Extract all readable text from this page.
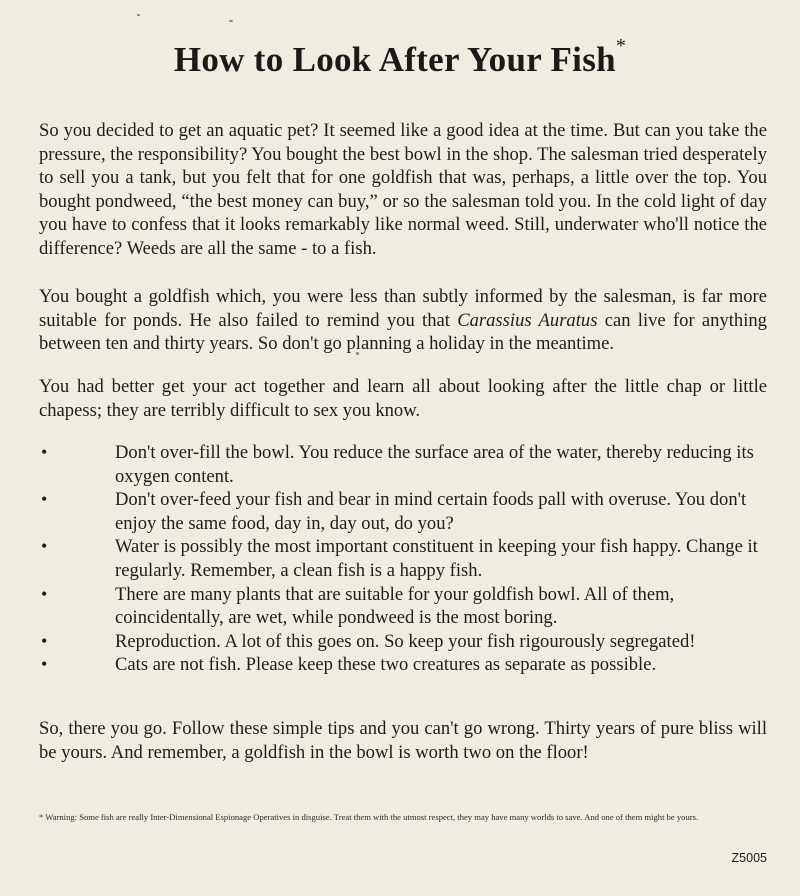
How to Look After Your Fish*

So you decided to get an aquatic pet? It seemed like a good idea at the time. But can you take the pressure, the responsibility? You bought the best bowl in the shop. The salesman tried desperately to sell you a tank, but you felt that for one goldfish that was, perhaps, a little over the top. You bought pondweed, “the best money can buy,” or so the salesman told you. In the cold light of day you have to confess that it looks remarkably like normal weed. Still, underwater who'll notice the difference? Weeds are all the same - to a fish.

You bought a goldfish which, you were less than subtly informed by the salesman, is far more suitable for ponds. He also failed to remind you that Carassius Auratus can live for anything between ten and thirty years. So don't go planning a holiday in the meantime.

You had better get your act together and learn all about looking after the little chap or little chapess; they are terribly difficult to sex you know.

•	Don't over-fill the bowl. You reduce the surface area of the water, thereby reducing its oxygen content.
•	Don't over-feed your fish and bear in mind certain foods pall with overuse. You don't enjoy the same food, day in, day out, do you?
•	Water is possibly the most important constituent in keeping your fish happy. Change it regularly. Remember, a clean fish is a happy fish.
•	There are many plants that are suitable for your goldfish bowl. All of them, coincidentally, are wet, while pondweed is the most boring.
•	Reproduction. A lot of this goes on. So keep your fish rigourously segregated!
•	Cats are not fish. Please keep these two creatures as separate as possible.

So, there you go. Follow these simple tips and you can't go wrong. Thirty years of pure bliss will be yours. And remember, a goldfish in the bowl is worth two on the floor!

* Warning: Some fish are really Inter-Dimensional Espionage Operatives in disguise. Treat them with the utmost respect, they may have many worlds to save. And one of them might be yours.

Z5005
